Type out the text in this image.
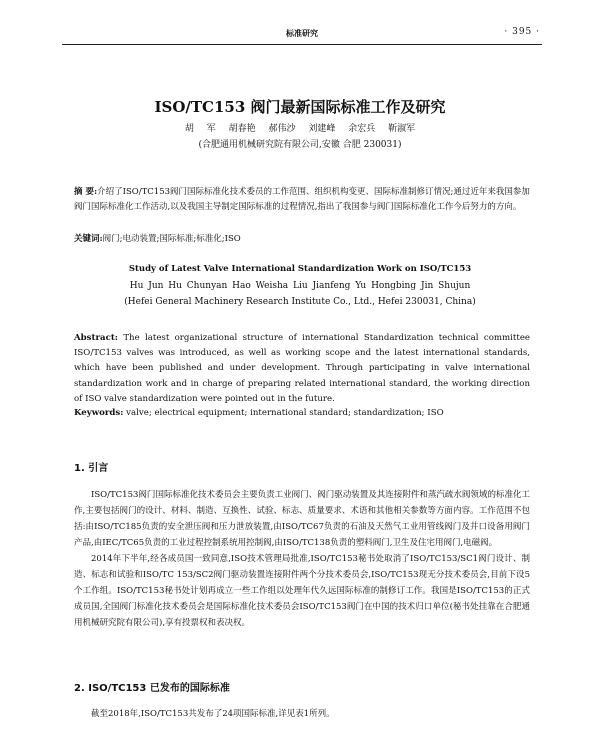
标准研究	· 395 ·
ISO/TC153 阀门最新国际标准工作及研究
胡 军 胡春艳 郝伟沙 刘建峰 余宏兵 靳淑军
(合肥通用机械研究院有限公司,安徽 合肥 230031)
摘 要:介绍了ISO/TC153阀门国际标准化技术委员的工作范围、组织机构变更、国际标准制修订情况;通过近年来我国参加阀门国际标准化工作活动,以及我国主导制定国际标准的过程情况,指出了我国参与阀门国际标准化工作今后努力的方向。
关键词:阀门;电动装置;国际标准;标准化;ISO
Study of Latest Valve International Standardization Work on ISO/TC153
Hu Jun Hu Chunyan Hao Weisha Liu Jianfeng Yu Hongbing Jin Shujun
(Hefei General Machinery Research Institute Co., Ltd., Hefei 230031, China)
Abstract: The latest organizational structure of international Standardization technical committee ISO/TC153 valves was introduced, as well as working scope and the latest international standards, which have been published and under development. Through participating in valve international standardization work and in charge of preparing related international standard, the working direction of ISO valve standardization were pointed out in the future.
Keywords: valve; electrical equipment; international standard; standardization; ISO
1. 引言

ISO/TC153阀门国际标准化技术委员会主要负责工业阀门、阀门驱动装置及其连接附件和蒸汽疏水阀领域的标准化工作,主要包括阀门的设计、材料、制造、互换性、试验、标志、质量要求、术语和其他相关参数等方面内容。工作范围不包括:由ISO/TC185负责的安全泄压阀和压力泄放装置,由ISO/TC67负责的石油及天然气工业用管线阀门及井口设备用阀门产品,由IEC/TC65负责的工业过程控制系统用控制阀,由ISO/TC138负责的塑料阀门,卫生及住宅用阀门,电磁阀。

2014年下半年,经各成员国一致同意,ISO技术管理局批准,ISO/TC153秘书处取消了ISO/TC153/SC1阀门设计、制造、标志和试验和ISO/TC 153/SC2阀门驱动装置连接附件两个分技术委员会,ISO/TC153现无分技术委员会,目前下设5个工作组。ISO/TC153秘书处计划再成立一些工作组以处理年代久远国际标准的制修订工作。我国是ISO/TC153的正式成员国,全国阀门标准化技术委员会是国际标准化技术委员会ISO/TC153阀门在中国的技术归口单位(秘书处挂靠在合肥通用机械研究院有限公司),享有投票权和表决权。

2. ISO/TC153 已发布的国际标准

截至2018年,ISO/TC153共发布了24项国际标准,详见表1所列。
